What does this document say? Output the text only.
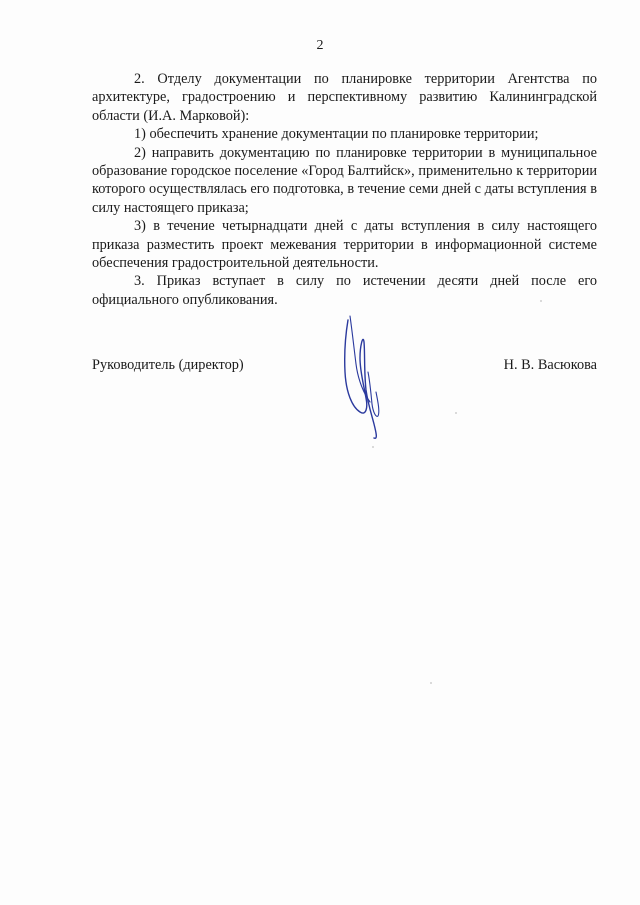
2

2. Отделу документации по планировке территории Агентства по архитектуре, градостроению и перспективному развитию Калининградской области (И.А. Марковой):

1) обеспечить хранение документации по планировке территории;

2) направить документацию по планировке территории в муниципальное образование городское поселение «Город Балтийск», применительно к территории которого осуществлялась его подготовка, в течение семи дней с даты вступления в силу настоящего приказа;

3) в течение четырнадцати дней с даты вступления в силу настоящего приказа разместить проект межевания территории в информационной системе обеспечения градостроительной деятельности.

3. Приказ вступает в силу по истечении десяти дней после его официального опубликования.

Руководитель (директор)	Н. В. Васюкова
